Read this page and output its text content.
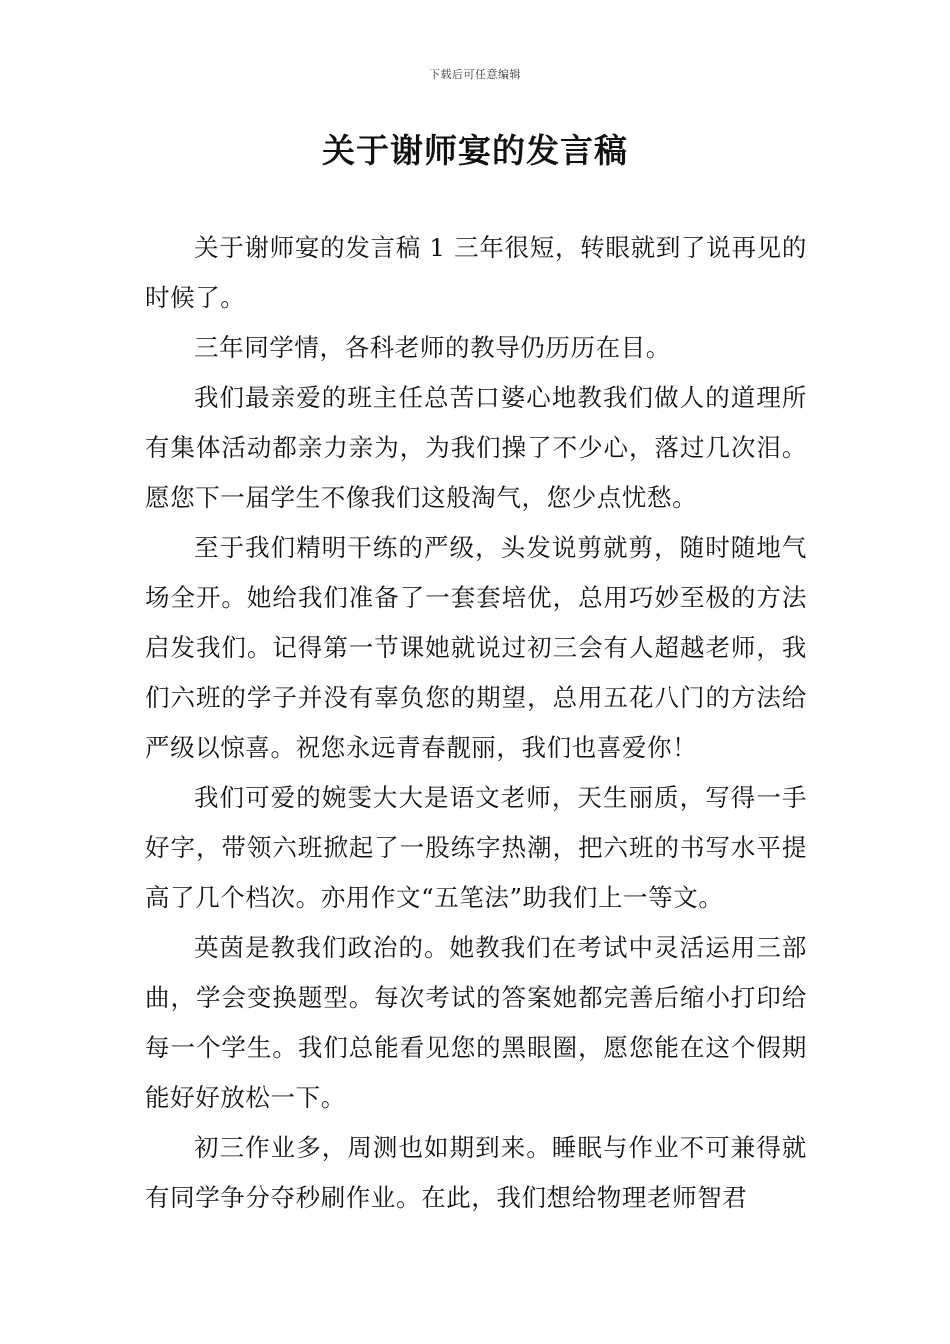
下载后可任意编辑
关于谢师宴的发言稿

关于谢师宴的发言稿 1 三年很短，转眼就到了说再见的时候了。

三年同学情，各科老师的教导仍历历在目。

我们最亲爱的班主任总苦口婆心地教我们做人的道理所有集体活动都亲力亲为，为我们操了不少心，落过几次泪。愿您下一届学生不像我们这般淘气，您少点忧愁。

至于我们精明干练的严级，头发说剪就剪，随时随地气场全开。她给我们准备了一套套培优，总用巧妙至极的方法启发我们。记得第一节课她就说过初三会有人超越老师，我们六班的学子并没有辜负您的期望，总用五花八门的方法给严级以惊喜。祝您永远青春靓丽，我们也喜爱你！

我们可爱的婉雯大大是语文老师，天生丽质，写得一手好字，带领六班掀起了一股练字热潮，把六班的书写水平提高了几个档次。亦用作文“五笔法”助我们上一等文。

英茵是教我们政治的。她教我们在考试中灵活运用三部曲，学会变换题型。每次考试的答案她都完善后缩小打印给每一个学生。我们总能看见您的黑眼圈，愿您能在这个假期能好好放松一下。

初三作业多，周测也如期到来。睡眠与作业不可兼得就有同学争分夺秒刷作业。在此，我们想给物理老师智君
